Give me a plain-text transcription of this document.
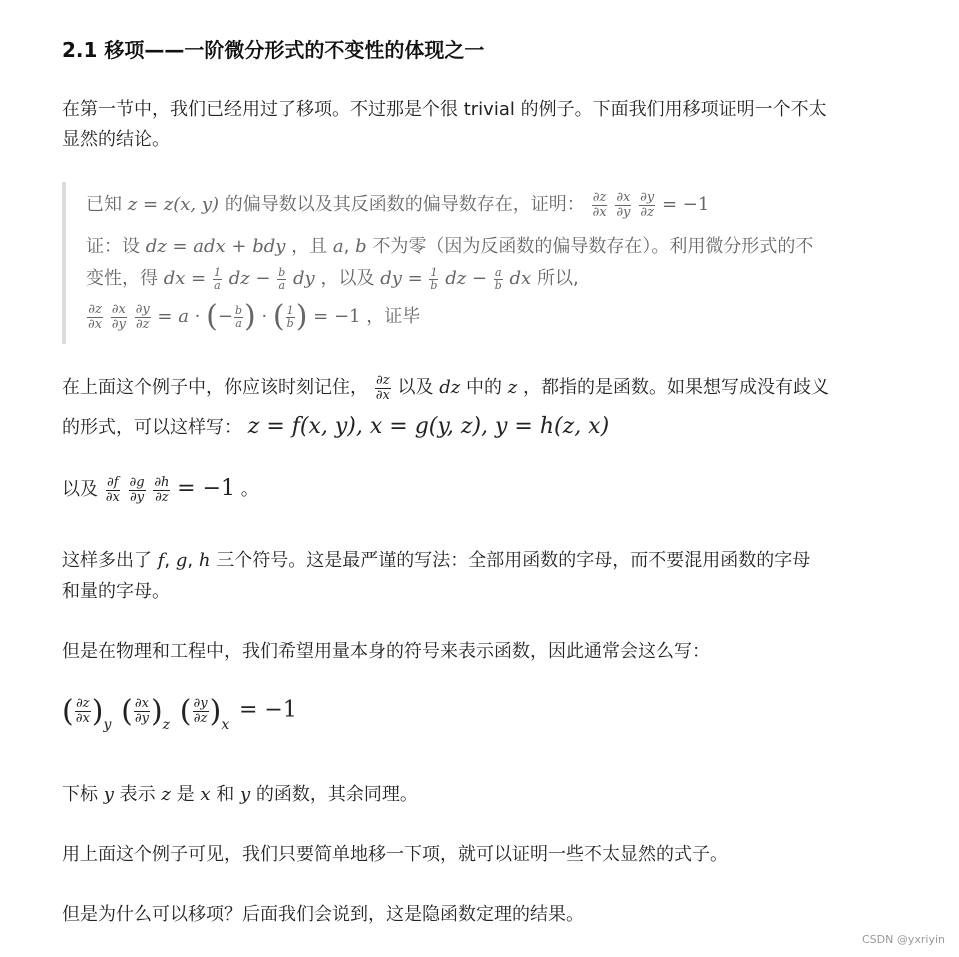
2.1 移项——一阶微分形式的不变性的体现之一
在第一节中，我们已经用过了移项。不过那是个很 trivial 的例子。下面我们用移项证明一个不太
显然的结论。
已知 z = z(x, y) 的偏导数以及其反函数的偏导数存在，证明： $\frac{\partial z}{\partial x}$
$\frac{\partial x}{\partial y}$
$\frac{\partial y}{\partial z} = -1$
证：设 dz = adx + bdy ，且 a, b 不为零（因为反函数的偏导数存在）。利用微分形式的不
变性，得 dx = $\frac{1}{a}$ dz − $\frac{b}{a}$ dy ，以及 dy = $\frac{1}{b}$ dz − $\frac{a}{b}$ dx 所以,
$\frac{\partial z}{\partial x}$
$\frac{\partial x}{\partial y}$
$\frac{\partial y}{\partial z} = a$ · (− $\frac{b}{a}$ ) · ( $\frac{1}{b}$ ) = −1 ，证毕
在上面这个例子中，你应该时刻记住， $\frac{\partial z}{\partial x}$ 以及 dz 中的 z ，都指的是函数。如果想写成没有歧义
的形式，可以这样写： z = f(x, y), x = g(y, z), y = h(z, x)
以及 $\frac{\partial f}{\partial x}$
$\frac{\partial g}{\partial y}$
$\frac{\partial h}{\partial z} = -1$ 。
这样多出了 f, g, h 三个符号。这是最严谨的写法：全部用函数的字母，而不要混用函数的字母
和量的字母。
但是在物理和工程中，我们希望用量本身的符号来表示函数，因此通常会这么写：
( $\frac{\partial z}{\partial x} )_y$ ( $\frac{\partial x}{\partial y} )_z$ ( $\frac{\partial y}{\partial z} )_x = -1$
下标 y 表示 z 是 x 和 y 的函数，其余同理。
用上面这个例子可见，我们只要简单地移一下项，就可以证明一些不太显然的式子。
但是为什么可以移项？后面我们会说到，这是隐函数定理的结果。
CSDN @yxriyin
